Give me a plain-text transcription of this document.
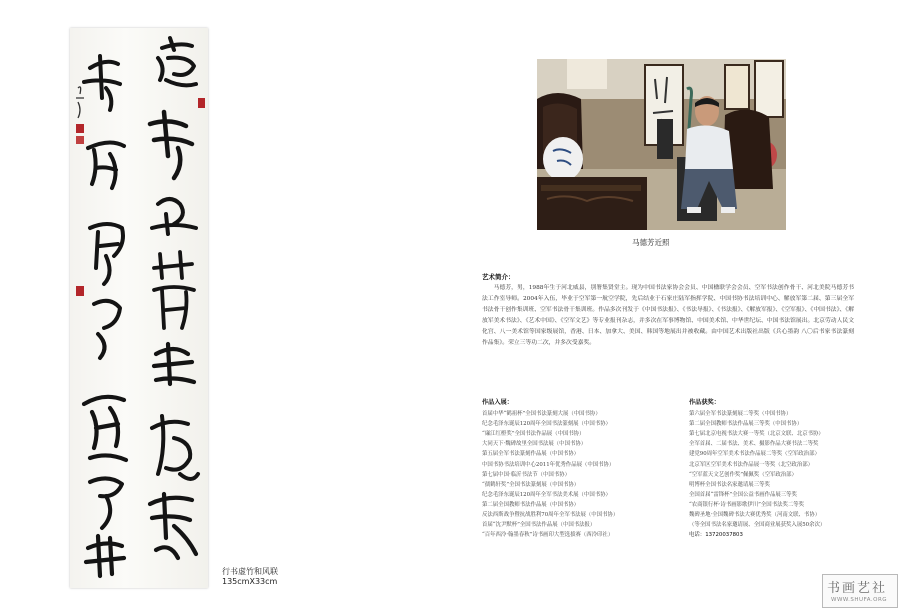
行书虚竹和风联
135cmX33cm
马德芳近照
艺术简介：
马德芳，男，1988年生于河北威县，别署集贤堂主。现为中国书法家协会会员、中国楹联学会会员、空军书法创作骨干、河北美院马德芳书法工作室导师。2004年入伍，毕业于空军第一航空学院，先后结业于石家庄陆军指挥学院、中国书协书法培训中心、解放军第二届、第三届全军书法骨干创作集训班、空军书法骨干集训班。作品多次刊发于《中国书法报》、《书法导报》、《书法报》、《解放军报》、《空军报》、《中国书法》、《解放军美术书法》、《艺术中国》、《空军文艺》等专业报刊杂志，并多次在军事博物馆、中国美术馆、中华世纪坛、中国书法馆展出。北京劳动人民文化宫、八一美术馆等国家级展馆，香港、日本、加拿大、美国、韩国等地展出并被收藏。由中国艺术出版社出版《兵心墨韵 八〇后书家书法篆刻作品集》。荣立三等功二次，并多次受嘉奖。
作品入展：
首届中华“鹤祖杯”全国书法篆刻大展（中国书协）
纪念毛泽东诞辰120周年全国书法篆刻展（中国书协）
“廉江红橙奖”全国书法作品展（中国书协）
大同天下·魏碑故里全国书法展（中国书协）
第五届全军书法篆刻作品展（中国书协）
中国书协书法培训中心2011年优秀作品展（中国书协）
第七届中国·临沂书法节（中国书协）
“孺鹤轩奖”全国书法篆刻展（中国书协）
纪念毛泽东诞辰120周年全军书法美术展（中国书协）
第二届全国教师书法作品展（中国书协）
反法西斯战争暨抗战胜利70周年全军书法展（中国书协）
首届“沈尹默杯”全国书法作品展（中国书法报）
“百年西泠·翰墨春秋”诗书画印大型选拔赛（西泠印社）
作品获奖：
第六届全军书法篆刻展二等奖（中国书协）
第二届全国教师书法作品展三等奖（中国书协）
第七届北京电视书法大赛一等奖（北京文联、北京书协）
全军首届、二届书法、美术、摄影作品大赛书法二等奖
建党90周年空军美术书法作品展二等奖（空军政治部）
北京军区空军美术书法作品展一等奖（北空政治部）
“空军蓝天文艺创作奖”佩佩奖（空军政治部）
明博杯全国书法名家邀请展三等奖
全国首届“雷锋杯”全国公益书画作品展三等奖
“农商银行杯·诗书画影歌伊川”全国书法奖二等奖
魏碑圣地·全国魏碑书法大赛优秀奖（河南文联、书协）
（等全国书法名家邀请展、全国商业展获奖入展50余次）
电话：13720037803
书画艺社
WWW.SHUFA.ORG
